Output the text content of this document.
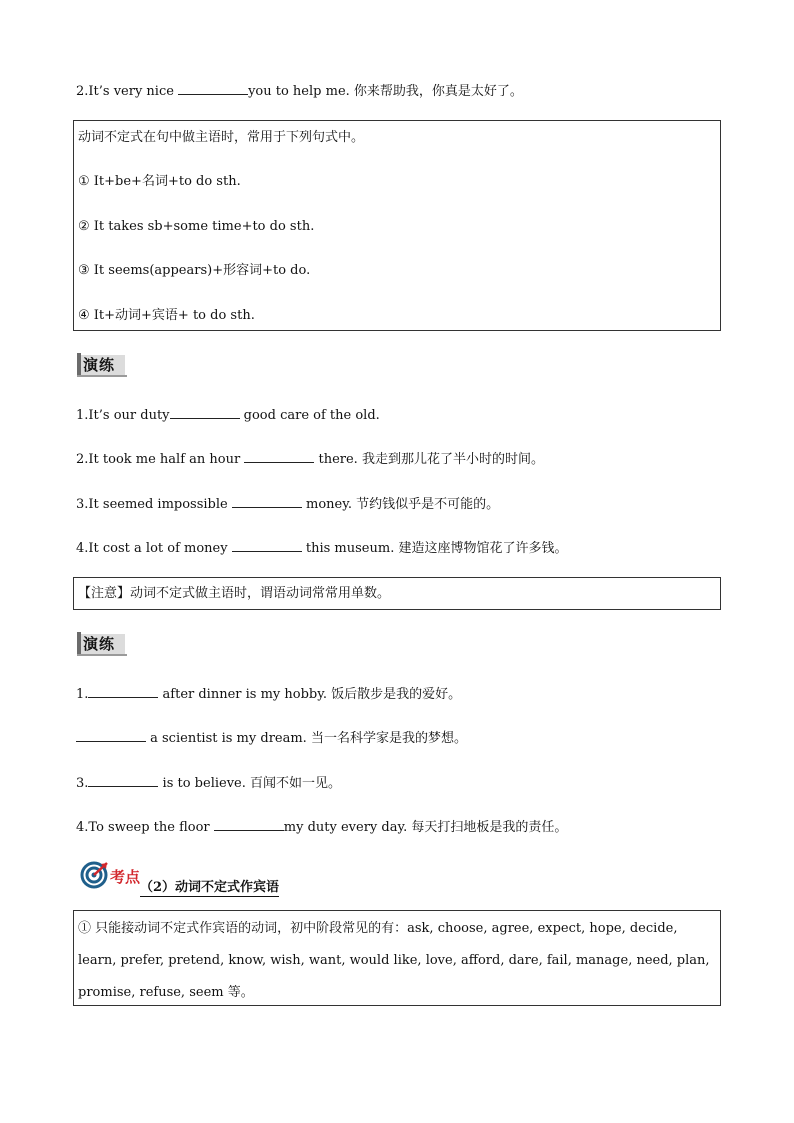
2.It’s very nice	you to help me. 你来帮助我，你真是太好了。
动词不定式在句中做主语时，常用于下列句式中。
① It+be+名词+to do sth.
② It takes sb+some time+to do sth.
③ It seems(appears)+形容词+to do.
④ It+动词+宾语+ to do sth.
演练
1.It’s our duty	good care of the old.
2.It took me half an hour	there. 我走到那儿花了半小时的时间。
3.It seemed impossible	money. 节约钱似乎是不可能的。
4.It cost a lot of money	this museum. 建造这座博物馆花了许多钱。
【注意】动词不定式做主语时，谓语动词常常用单数。
演练
1.	after dinner is my hobby. 饭后散步是我的爱好。
a scientist is my dream. 当一名科学家是我的梦想。
3.	is to believe. 百闻不如一见。
4.To sweep the floor	my duty every day. 每天打扫地板是我的责任。
考点
（2）动词不定式作宾语
① 只能接动词不定式作宾语的动词，初中阶段常见的有：ask, choose, agree, expect, hope, decide, learn, prefer, pretend, know, wish, want, would like, love, afford, dare, fail, manage, need, plan, promise, refuse, seem 等。
